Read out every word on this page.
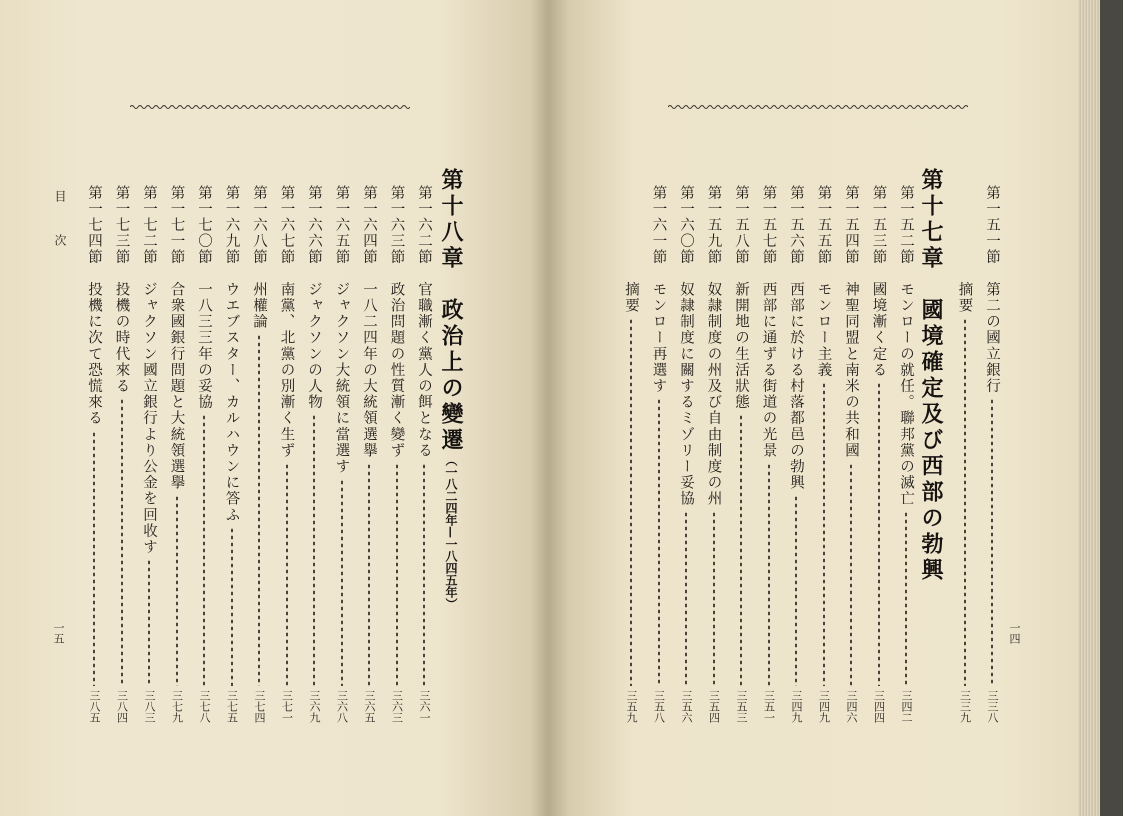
一四
一五
目　次	第十七章　國境確定及び西部の勃興
第十八章　政治上の變遷（一八二四年—一八四五年）
第一五一節　第二の國立銀行
三三八
　　　　　　摘要
三三九
第一五二節　モンローの就任。聯邦黨の滅亡
三四二
第一五三節　國境漸く定る
三四四
第一五四節　神聖同盟と南米の共和國
三四六
第一五五節　モンロー主義
三四九
第一五六節　西部に於ける村落都邑の勃興
三四九
第一五七節　西部に通ずる街道の光景
三五一
第一五八節　新開地の生活狀態
三五三
第一五九節　奴隷制度の州及び自由制度の州
三五四
第一六〇節　奴隷制度に關するミゾリー妥協
三五六
第一六一節　モンロー再選す
三五八
　　　　　　摘要
三五九
第一六二節　官職漸く黨人の餌となる
三六一
第一六三節　政治問題の性質漸く變ず
三六三
第一六四節　一八二四年の大統領選擧
三六五
第一六五節　ジャクソン大統領に當選す
三六八
第一六六節　ジャクソンの人物
三六九
第一六七節　南黨、北黨の別漸く生ず
三七一
第一六八節　州權論
三七四
第一六九節　ウエブスター、カルハウンに答ふ
三七五
第一七〇節　一八三三年の妥協
三七八
第一七一節　合衆國銀行問題と大統領選擧
三七九
第一七二節　ジャクソン國立銀行より公金を回收す
三八三
第一七三節　投機の時代來る
三八四
第一七四節　投機に次て恐慌來る
三八五
